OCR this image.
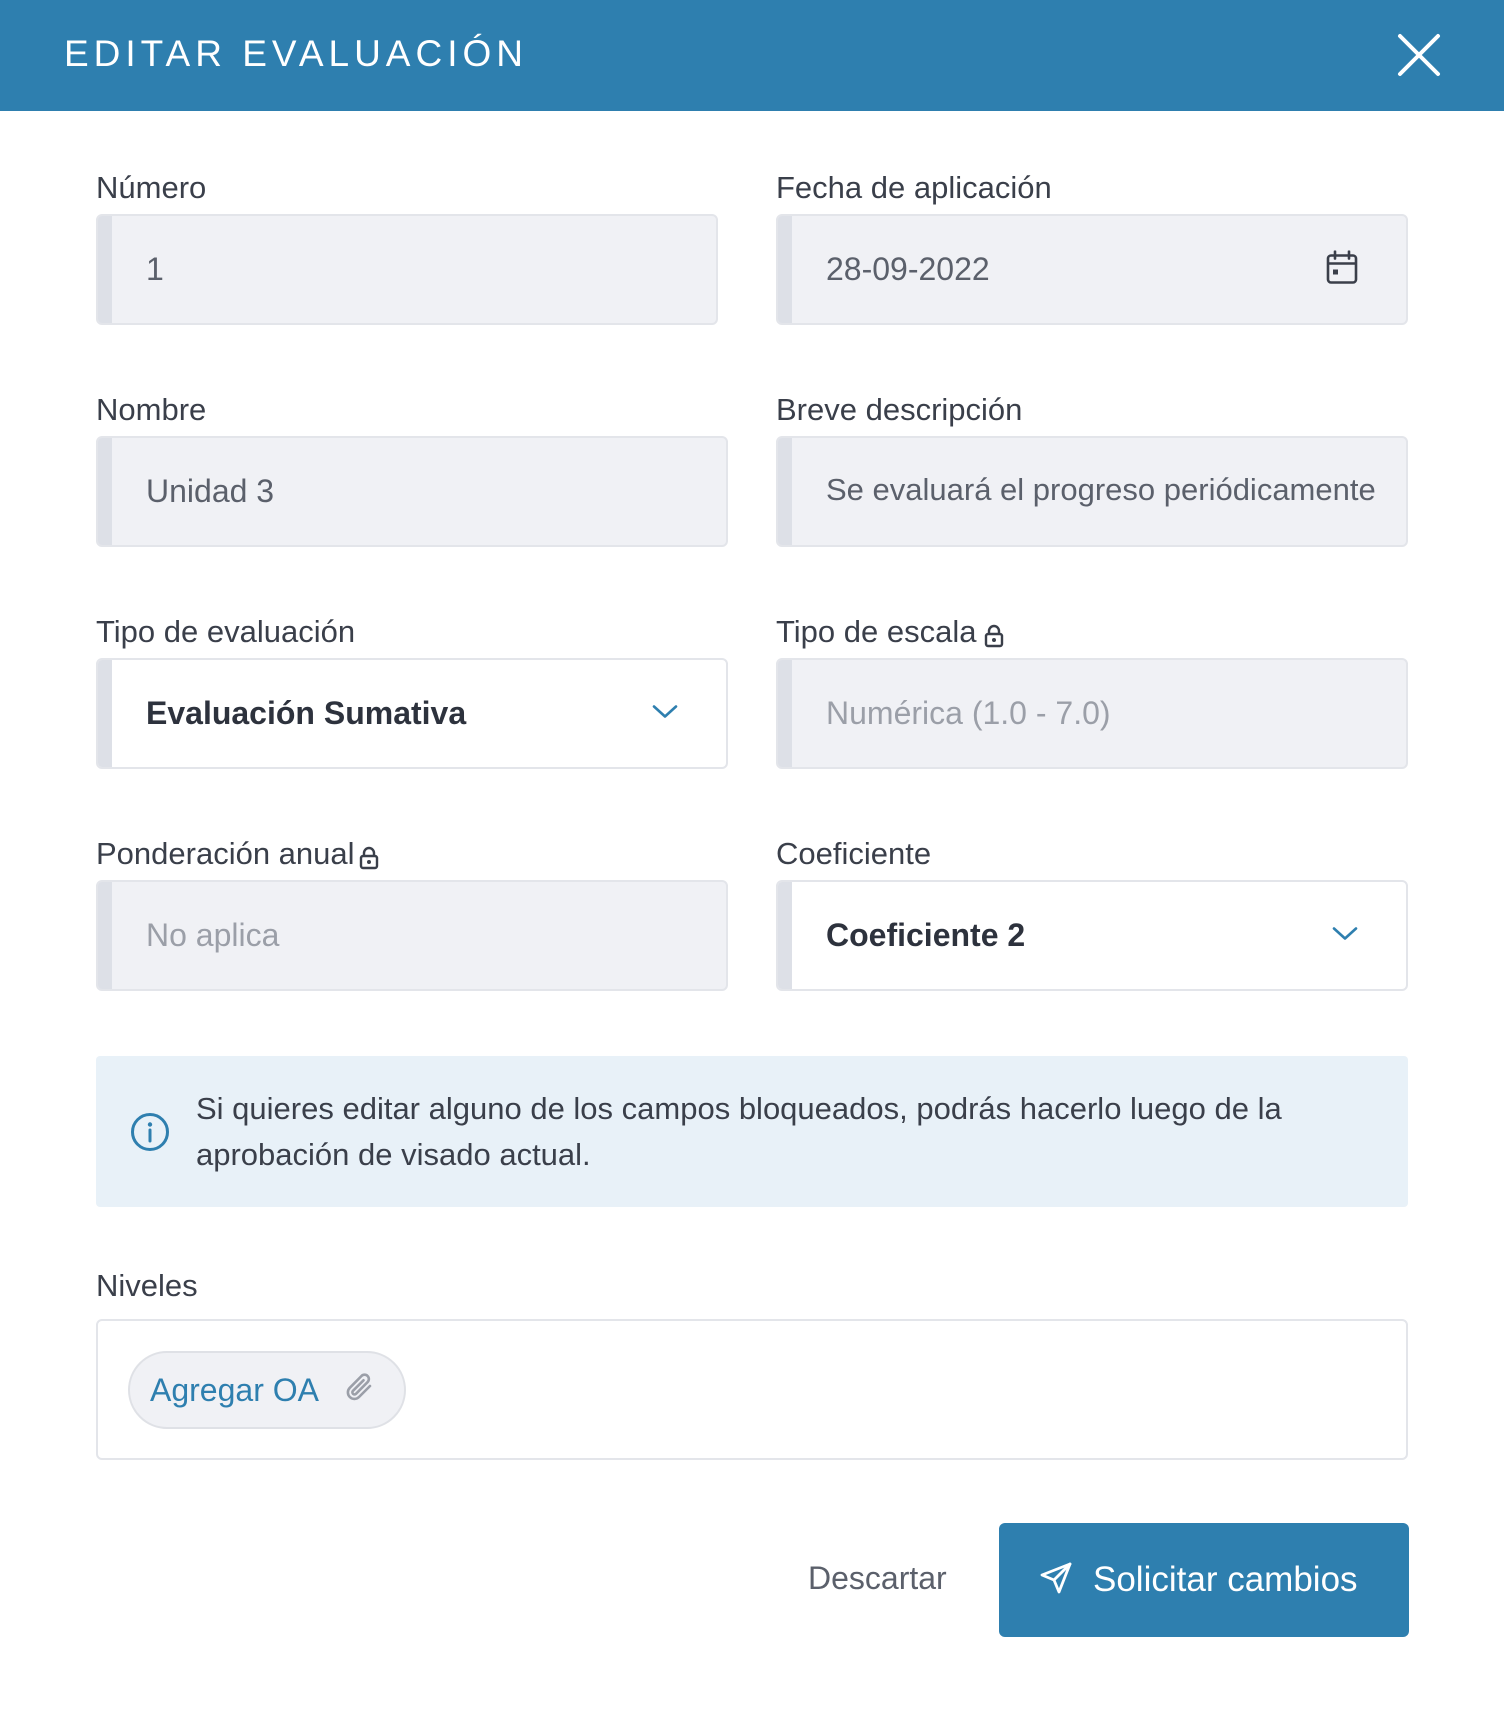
EDITAR EVALUACIÓN
Número
1
Fecha de aplicación
28-09-2022
Nombre
Unidad 3
Breve descripción
Se evaluará el progreso periódicamente
Tipo de evaluación
Evaluación Sumativa
Tipo de escala
Numérica (1.0 - 7.0)
Ponderación anual
No aplica
Coeficiente
Coeficiente 2
Si quieres editar alguno de los campos bloqueados, podrás hacerlo luego de la aprobación de visado actual.
Niveles
Agregar OA
Descartar	Solicitar cambios
